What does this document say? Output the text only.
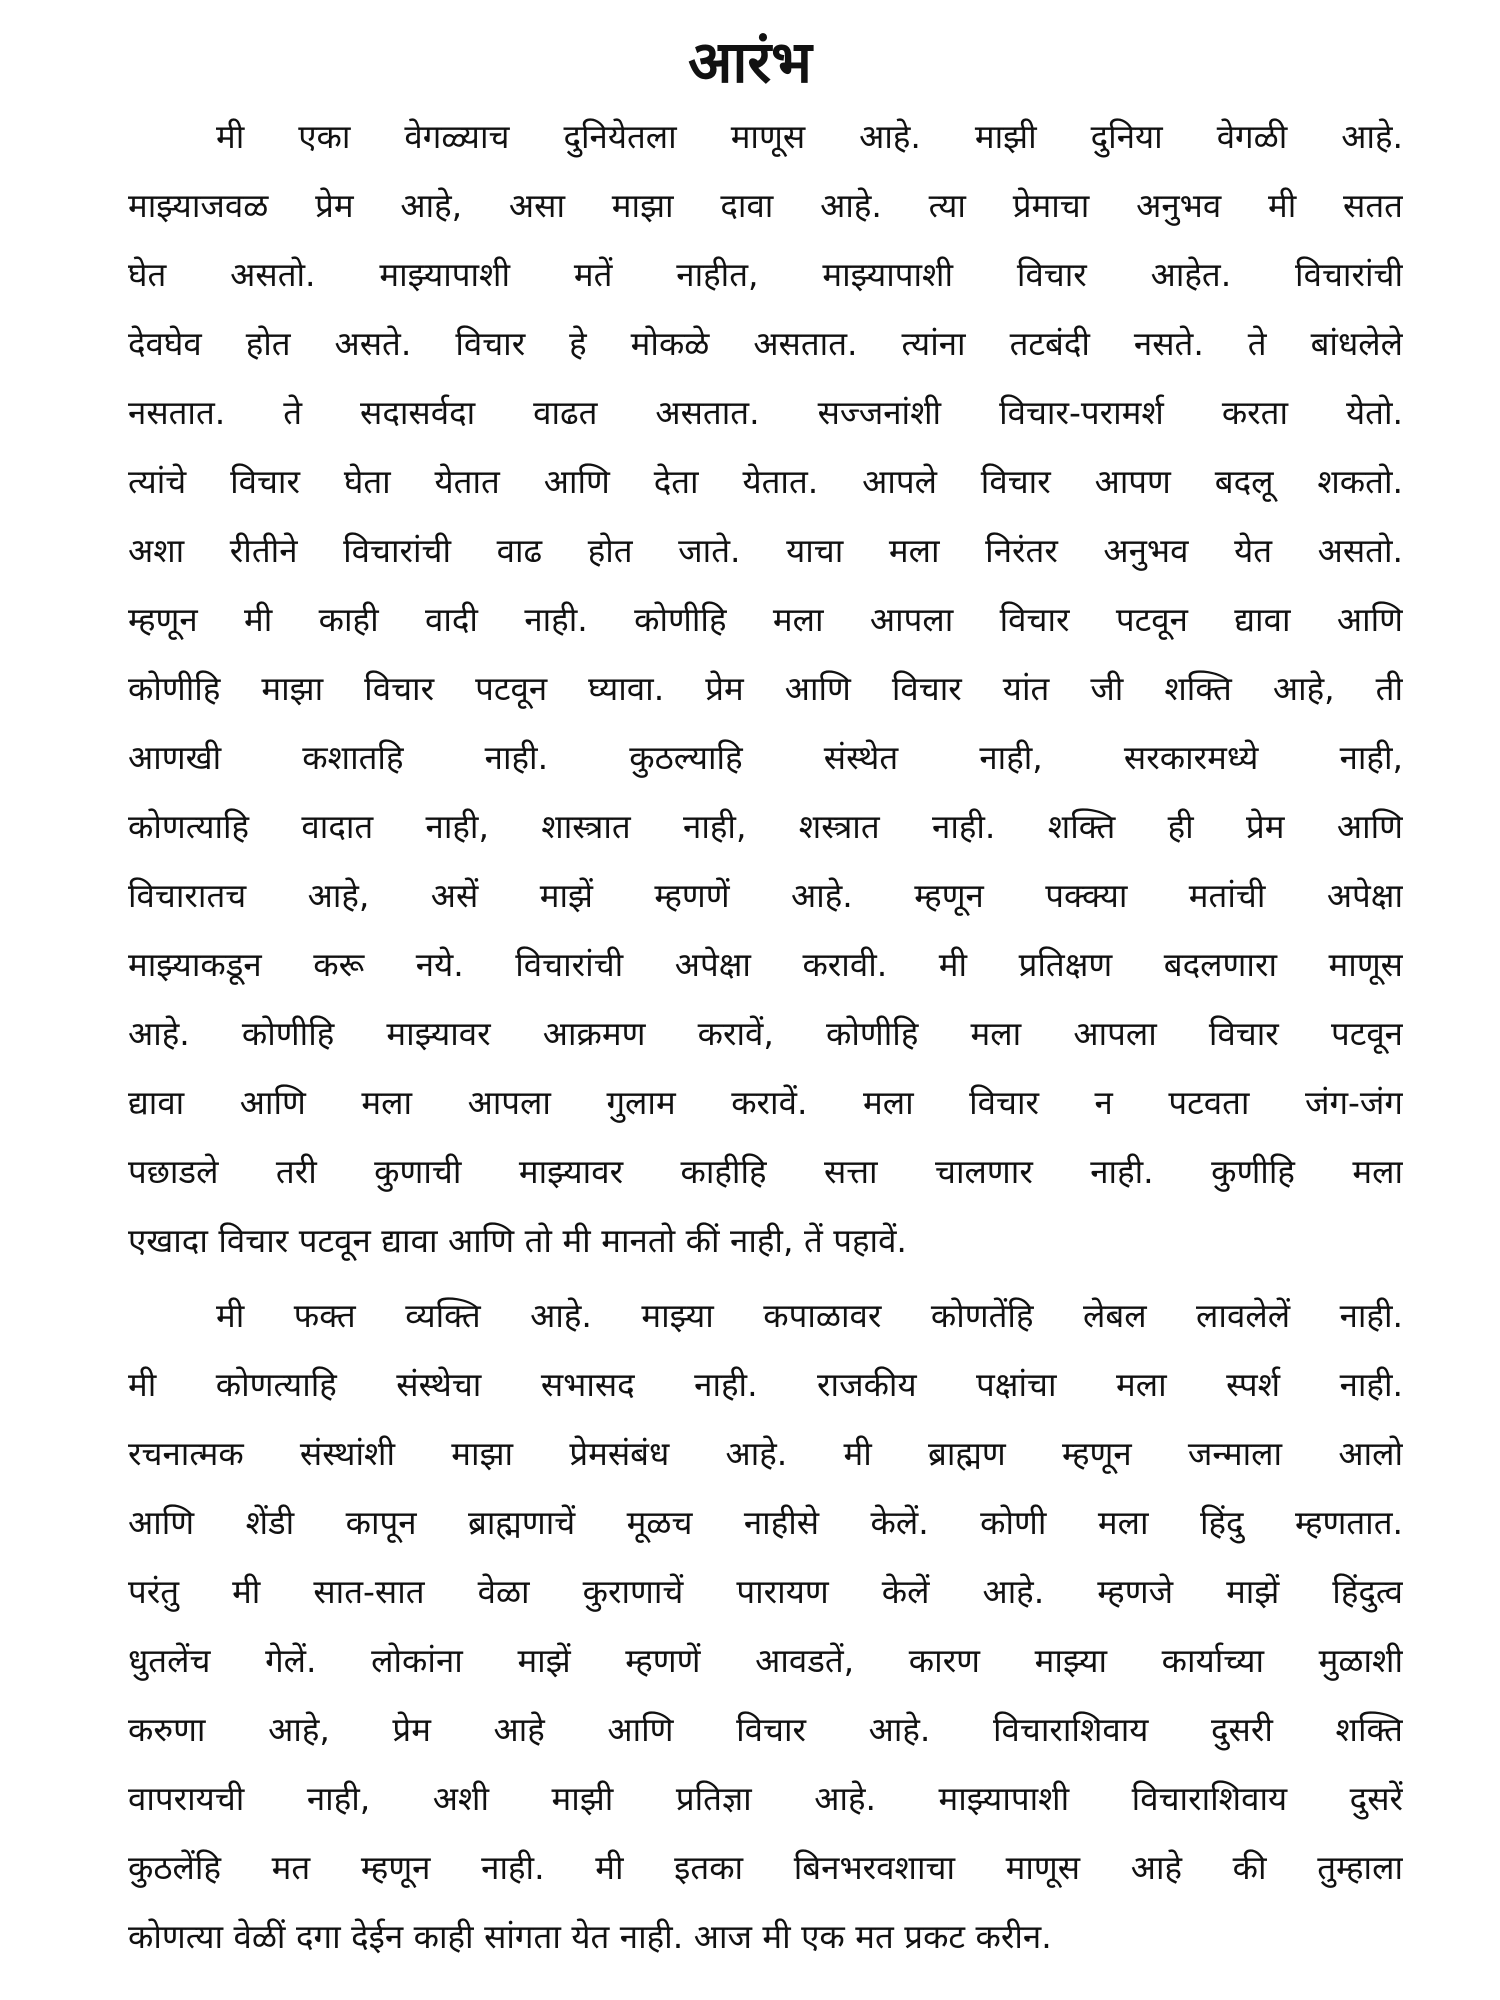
आरंभ
मी एका वेगळ्याच दुनियेतला माणूस आहे. माझी दुनिया वेगळी आहे.
माझ्याजवळ प्रेम आहे, असा माझा दावा आहे. त्या प्रेमाचा अनुभव मी सतत
घेत असतो. माझ्यापाशी मतें नाहीत, माझ्यापाशी विचार आहेत. विचारांची
देवघेव होत असते. विचार हे मोकळे असतात. त्यांना तटबंदी नसते. ते बांधलेले
नसतात. ते सदासर्वदा वाढत असतात. सज्जनांशी विचार-परामर्श करता येतो.
त्यांचे विचार घेता येतात आणि देता येतात. आपले विचार आपण बदलू शकतो.
अशा रीतीने विचारांची वाढ होत जाते. याचा मला निरंतर अनुभव येत असतो.
म्हणून मी काही वादी नाही. कोणीहि मला आपला विचार पटवून द्यावा आणि
कोणीहि माझा विचार पटवून घ्यावा. प्रेम आणि विचार यांत जी शक्ति आहे, ती
आणखी कशातहि नाही. कुठल्याहि संस्थेत नाही, सरकारमध्ये नाही,
कोणत्याहि वादात नाही, शास्त्रात नाही, शस्त्रात नाही. शक्ति ही प्रेम आणि
विचारातच आहे, असें माझें म्हणणें आहे. म्हणून पक्क्या मतांची अपेक्षा
माझ्याकडून करू नये. विचारांची अपेक्षा करावी. मी प्रतिक्षण बदलणारा माणूस
आहे. कोणीहि माझ्यावर आक्रमण करावें, कोणीहि मला आपला विचार पटवून
द्यावा आणि मला आपला गुलाम करावें. मला विचार न पटवता जंग-जंग
पछाडले तरी कुणाची माझ्यावर काहीहि सत्ता चालणार नाही. कुणीहि मला
एखादा विचार पटवून द्यावा आणि तो मी मानतो कीं नाही, तें पहावें.
मी फक्त व्यक्ति आहे. माझ्या कपाळावर कोणतेंहि लेबल लावलेलें नाही.
मी कोणत्याहि संस्थेचा सभासद नाही. राजकीय पक्षांचा मला स्पर्श नाही.
रचनात्मक संस्थांशी माझा प्रेमसंबंध आहे. मी ब्राह्मण म्हणून जन्माला आलो
आणि शेंडी कापून ब्राह्मणाचें मूळच नाहीसे केलें. कोणी मला हिंदु म्हणतात.
परंतु मी सात-सात वेळा कुराणाचें पारायण केलें आहे. म्हणजे माझें हिंदुत्व
धुतलेंच गेलें. लोकांना माझें म्हणणें आवडतें, कारण माझ्या कार्याच्या मुळाशी
करुणा आहे, प्रेम आहे आणि विचार आहे. विचाराशिवाय दुसरी शक्ति
वापरायची नाही, अशी माझी प्रतिज्ञा आहे. माझ्यापाशी विचाराशिवाय दुसरें
कुठलेंहि मत म्हणून नाही. मी इतका बिनभरवशाचा माणूस आहे की तुम्हाला
कोणत्या वेळीं दगा देईन काही सांगता येत नाही. आज मी एक मत प्रकट करीन.
